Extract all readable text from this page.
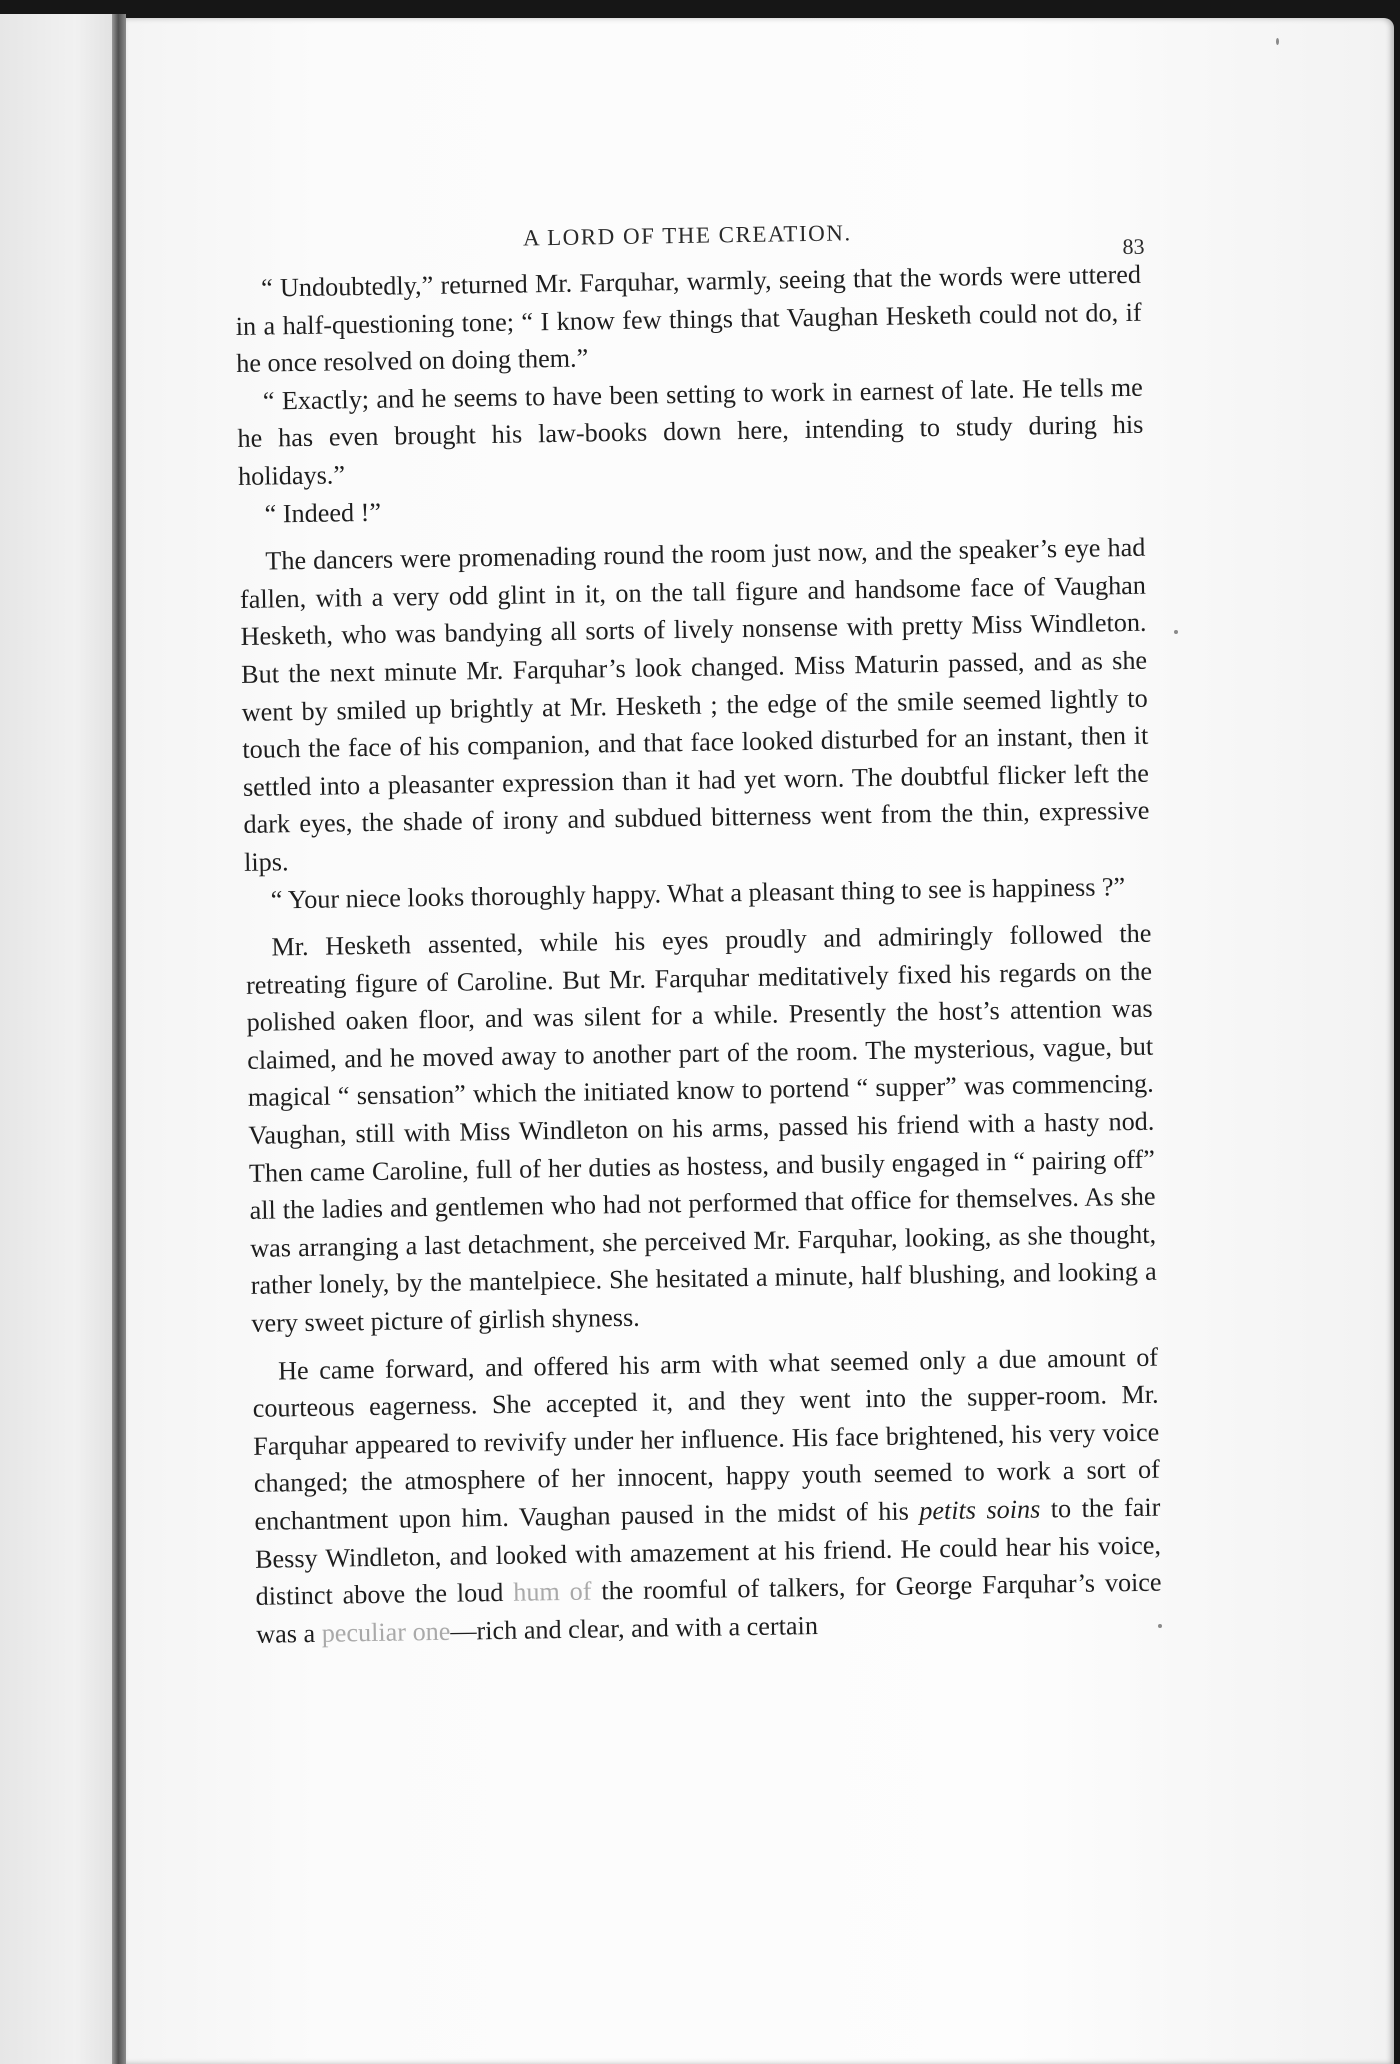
A LORD OF THE CREATION.	83

“ Undoubtedly,” returned Mr. Farquhar, warmly, seeing that the words were uttered in a half-questioning tone; “ I know few things that Vaughan Hesketh could not do, if he once resolved on doing them.”

“ Exactly; and he seems to have been setting to work in earnest of late. He tells me he has even brought his law-books down here, intending to study during his holidays.”

“ Indeed !”

The dancers were promenading round the room just now, and the speaker’s eye had fallen, with a very odd glint in it, on the tall figure and handsome face of Vaughan Hesketh, who was bandying all sorts of lively nonsense with pretty Miss Windleton. But the next minute Mr. Farquhar’s look changed. Miss Maturin passed, and as she went by smiled up brightly at Mr. Hesketh ; the edge of the smile seemed lightly to touch the face of his companion, and that face looked disturbed for an instant, then it settled into a pleasanter expression than it had yet worn. The doubtful flicker left the dark eyes, the shade of irony and subdued bitterness went from the thin, expressive lips.

“ Your niece looks thoroughly happy. What a pleasant thing to see is happiness ?”

Mr. Hesketh assented, while his eyes proudly and admiringly followed the retreating figure of Caroline. But Mr. Farquhar meditatively fixed his regards on the polished oaken floor, and was silent for a while. Presently the host’s attention was claimed, and he moved away to another part of the room. The mysterious, vague, but magical “ sensation” which the initiated know to portend “ supper” was commencing. Vaughan, still with Miss Windleton on his arms, passed his friend with a hasty nod. Then came Caroline, full of her duties as hostess, and busily engaged in “ pairing off” all the ladies and gentlemen who had not performed that office for themselves. As she was arranging a last detachment, she perceived Mr. Farquhar, looking, as she thought, rather lonely, by the mantelpiece. She hesitated a minute, half blushing, and looking a very sweet picture of girlish shyness.

He came forward, and offered his arm with what seemed only a due amount of courteous eagerness. She accepted it, and they went into the supper-room. Mr. Farquhar appeared to revivify under her influence. His face brightened, his very voice changed; the atmosphere of her innocent, happy youth seemed to work a sort of enchantment upon him. Vaughan paused in the midst of his petits soins to the fair Bessy Windleton, and looked with amazement at his friend. He could hear his voice, distinct above the loud hum of the roomful of talkers, for George Farquhar’s voice was a peculiar one—rich and clear, and with a certain
